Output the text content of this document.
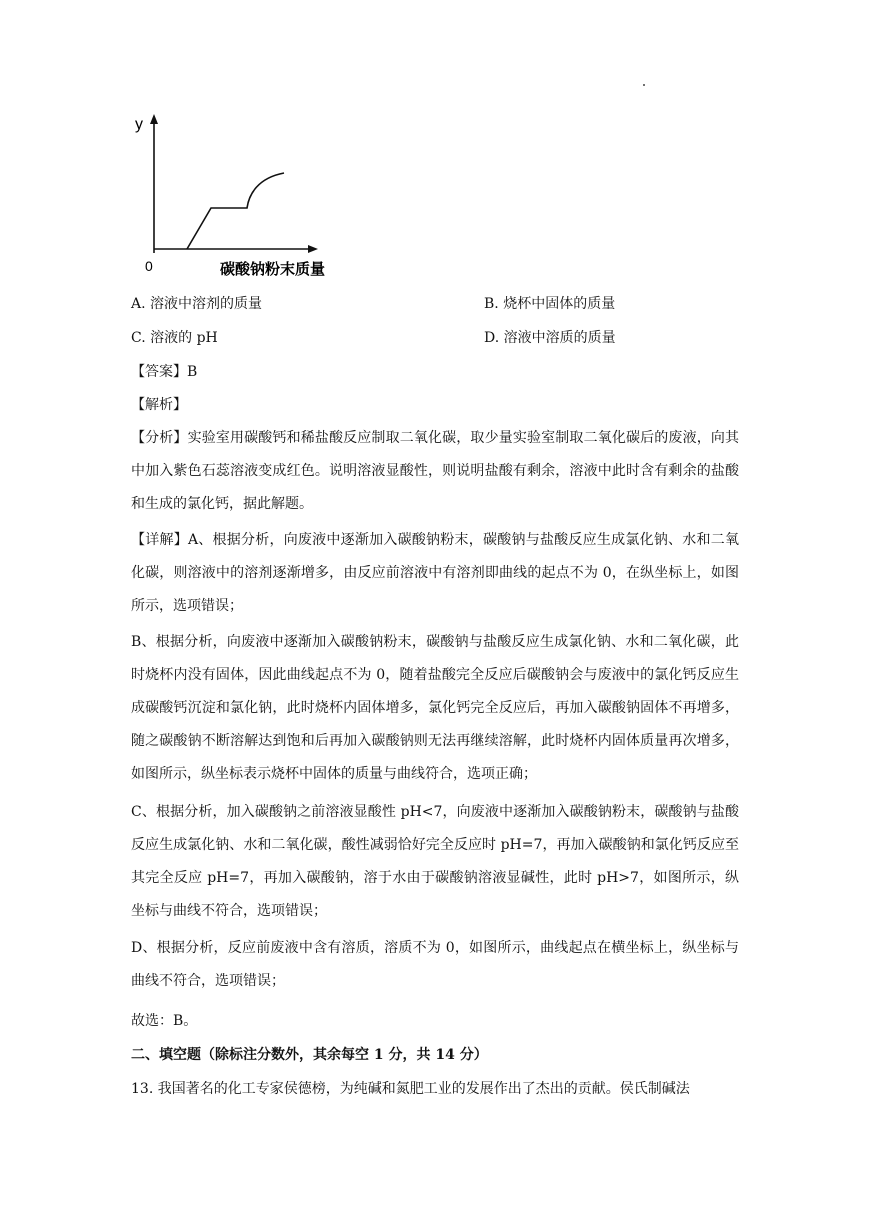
y
0	碳酸钠粉末质量
A. 溶液中溶剂的质量	B. 烧杯中固体的质量
C. 溶液的 pH	D. 溶液中溶质的质量
【答案】B
【解析】
【分析】实验室用碳酸钙和稀盐酸反应制取二氧化碳，取少量实验室制取二氧化碳后的废液，向其中加入紫色石蕊溶液变成红色。说明溶液显酸性，则说明盐酸有剩余，溶液中此时含有剩余的盐酸和生成的氯化钙，据此解题。
【详解】A、根据分析，向废液中逐渐加入碳酸钠粉末，碳酸钠与盐酸反应生成氯化钠、水和二氧化碳，则溶液中的溶剂逐渐增多，由反应前溶液中有溶剂即曲线的起点不为 0，在纵坐标上，如图所示，选项错误；
B、根据分析，向废液中逐渐加入碳酸钠粉末，碳酸钠与盐酸反应生成氯化钠、水和二氧化碳，此时烧杯内没有固体，因此曲线起点不为 0，随着盐酸完全反应后碳酸钠会与废液中的氯化钙反应生成碳酸钙沉淀和氯化钠，此时烧杯内固体增多，氯化钙完全反应后，再加入碳酸钠固体不再增多，随之碳酸钠不断溶解达到饱和后再加入碳酸钠则无法再继续溶解，此时烧杯内固体质量再次增多，如图所示，纵坐标表示烧杯中固体的质量与曲线符合，选项正确；
C、根据分析，加入碳酸钠之前溶液显酸性 pH<7，向废液中逐渐加入碳酸钠粉末，碳酸钠与盐酸反应生成氯化钠、水和二氧化碳，酸性减弱恰好完全反应时 pH=7，再加入碳酸钠和氯化钙反应至其完全反应 pH=7，再加入碳酸钠，溶于水由于碳酸钠溶液显碱性，此时 pH>7，如图所示，纵坐标与曲线不符合，选项错误；
D、根据分析，反应前废液中含有溶质，溶质不为 0，如图所示，曲线起点在横坐标上，纵坐标与曲线不符合，选项错误；
故选：B。
二、填空题（除标注分数外，其余每空 1 分，共 14 分）
13. 我国著名的化工专家侯德榜，为纯碱和氮肥工业的发展作出了杰出的贡献。侯氏制碱法
